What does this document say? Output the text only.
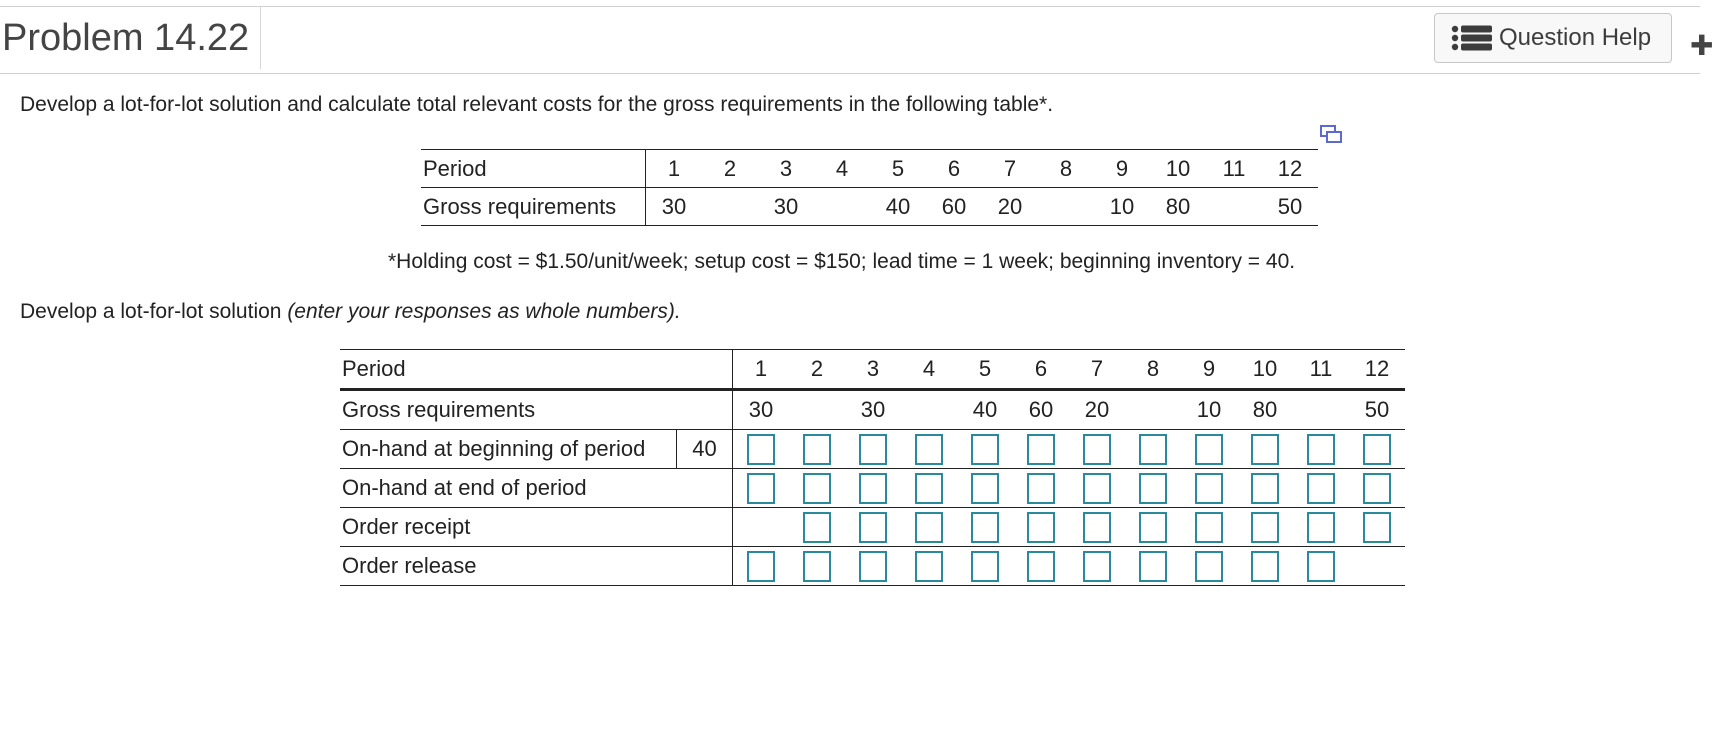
Problem 14.22	Question Help ✚
Develop a lot-for-lot solution and calculate total relevant costs for the gross requirements in the following table*.
Period	1	2	3	4	5	6	7	8	9	10	11	12
Gross requirements	30		30		40	60	20		10	80		50
*Holding cost = $1.50/unit/week; setup cost = $150; lead time = 1 week; beginning inventory = 40.
Develop a lot-for-lot solution (enter your responses as whole numbers).
Period		1	2	3	4	5	6	7	8	9	10	11	12
Gross requirements		30		30		40	60	20		10	80		50
On-hand at beginning of period	40												
On-hand at end of period													
Order receipt													
Order release													
